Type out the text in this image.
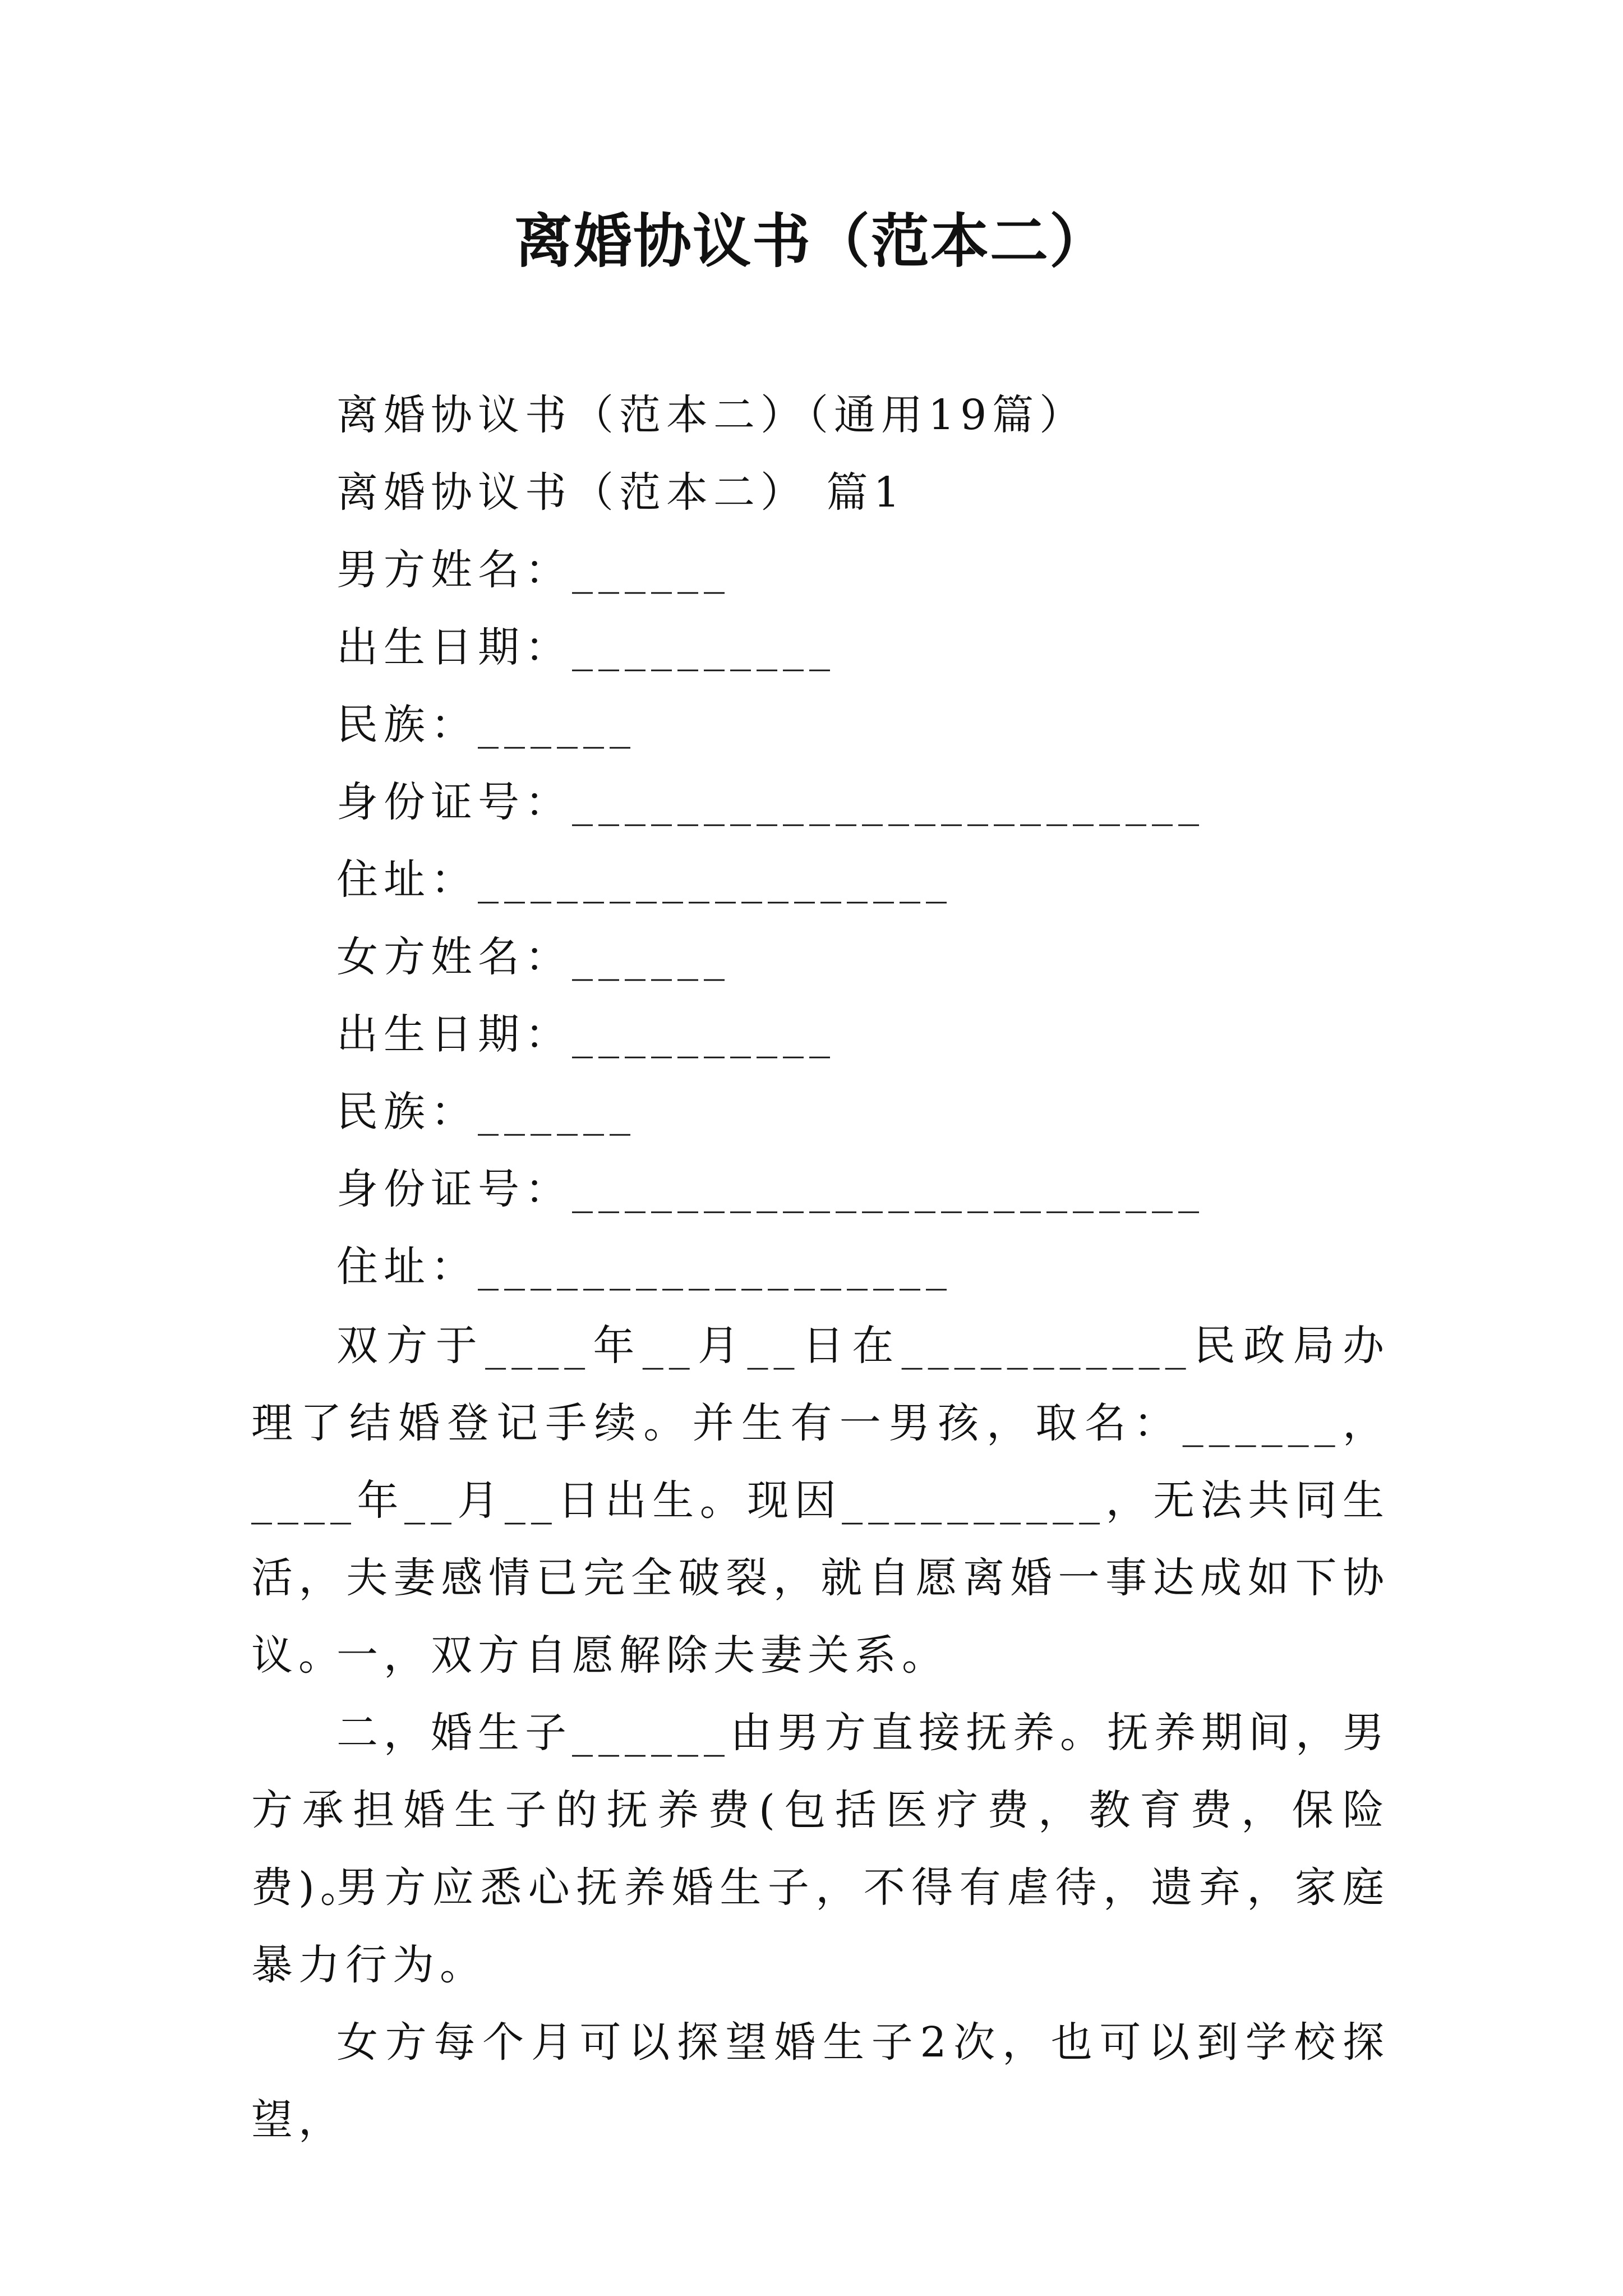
离婚协议书（范本二）
离婚协议书（范本二）（通用19篇）
离婚协议书（范本二） 篇1
男方姓名：______
出生日期：__________
民族：______
身份证号：________________________
住址：__________________
女方姓名：______
出生日期：__________
民族：______
身份证号：________________________
住址：__________________
双方于____年__月__日在___________民政局办理了结婚登记手续。并生有一男孩，取名：______，____年__月__日出生。现因__________，无法共同生活，夫妻感情已完全破裂，就自愿离婚一事达成如下协议。
一，双方自愿解除夫妻关系。
二，婚生子______由男方直接抚养。抚养期间，男方承担婚生子的抚养费(包括医疗费，教育费，保险费)。
男方应悉心抚养婚生子，不得有虐待，遗弃，家庭暴力行为。
女方每个月可以探望婚生子2次，也可以到学校探望，
